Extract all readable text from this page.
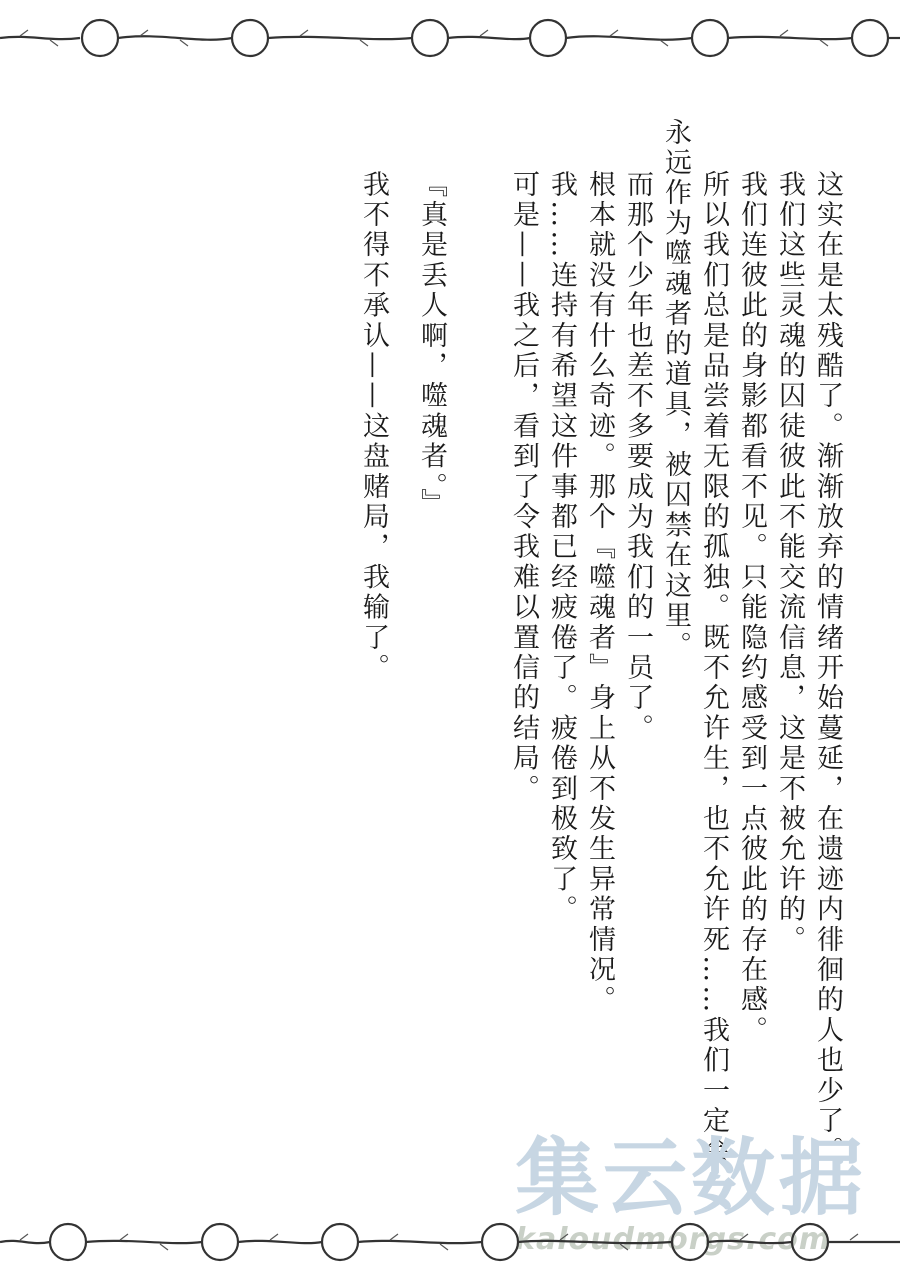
这实在是太残酷了。渐渐放弃的情绪开始蔓延，在遗迹内徘徊的人也少了。
我们这些灵魂的囚徒彼此不能交流信息，这是不被允许的。
我们连彼此的身影都看不见。只能隐约感受到一点彼此的存在感。
所以我们总是品尝着无限的孤独。既不允许生，也不允许死……我们一定会
永远作为噬魂者的道具，被囚禁在这里。
而那个少年也差不多要成为我们的一员了。
根本就没有什么奇迹。那个『噬魂者』身上从不发生异常情况。
我……连持有希望这件事都已经疲倦了。疲倦到极致了。
可是——我之后，看到了令我难以置信的结局。
『真是丢人啊，噬魂者。』
我不得不承认——这盘赌局，我输了。
集云数据
kaloudmorgs.com
